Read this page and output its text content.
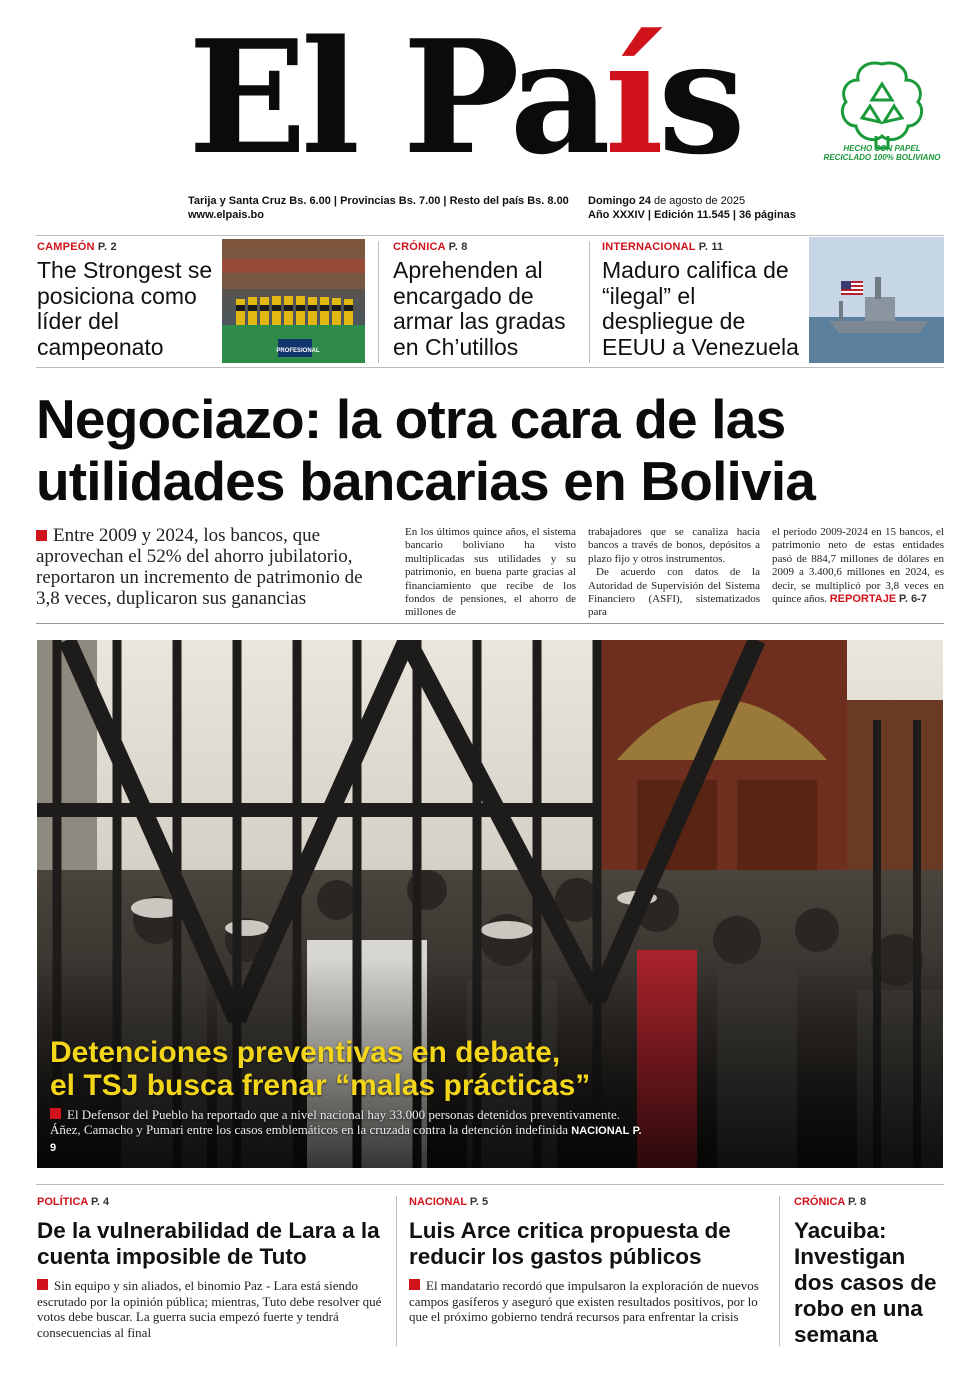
El País
Tarija y Santa Cruz Bs. 6.00 | Provincias Bs. 7.00 | Resto del país Bs. 8.00
www.elpais.bo
Domingo 24 de agosto de 2025
Año XXXIV | Edición 11.545 | 36 páginas
HECHO CON PAPEL RECICLADO 100% BOLIVIANO
CAMPEÓN P. 2
The Strongest se posiciona como líder del campeonato	PROFESIONAL
CRÓNICA P. 8
Aprehenden al encargado de armar las gradas en Ch’utillos
INTERNACIONAL P. 11
Maduro califica de “ilegal” el despliegue de EEUU a Venezuela
Negociazo: la otra cara de las utilidades bancarias en Bolivia
Entre 2009 y 2024, los bancos, que aprovechan el 52% del ahorro jubilatorio, reportaron un incremento de patrimonio de 3,8 veces, duplicaron sus ganancias
En los últimos quince años, el sistema bancario boliviano ha visto multiplicadas sus utilidades y su patrimonio, en buena parte gracias al financiamiento que recibe de los fondos de pensiones, el ahorro de millones de
trabajadores que se canaliza hacia bancos a través de bonos, depósitos a plazo fijo y otros instrumentos.
De acuerdo con datos de la Autoridad de Supervisión del Sistema Financiero (ASFI), sistematizados para
el periodo 2009-2024 en 15 bancos, el patrimonio neto de estas entidades pasó de 884,7 millones de dólares en 2009 a 3.400,6 millones en 2024, es decir, se multiplicó por 3,8 veces en quince años. REPORTAJE P. 6-7
Detenciones preventivas en debate,
el TSJ busca frenar “malas prácticas”
El Defensor del Pueblo ha reportado que a nivel nacional hay 33.000 personas detenidos preventivamente. Áñez, Camacho y Pumari entre los casos emblemáticos en la cruzada contra la detención indefinida NACIONAL P. 9
POLÍTICA P. 4
De la vulnerabilidad de Lara a la cuenta imposible de Tuto
Sin equipo y sin aliados, el binomio Paz - Lara está siendo escrutado por la opinión pública; mientras, Tuto debe resolver qué votos debe buscar. La guerra sucia empezó fuerte y tendrá consecuencias al final
NACIONAL P. 5
Luis Arce critica propuesta de reducir los gastos públicos
El mandatario recordó que impulsaron la exploración de nuevos campos gasíferos y aseguró que existen resultados positivos, por lo que el próximo gobierno tendrá recursos para enfrentar la crisis
CRÓNICA P. 8
Yacuiba: Investigan dos casos de robo en una semana
